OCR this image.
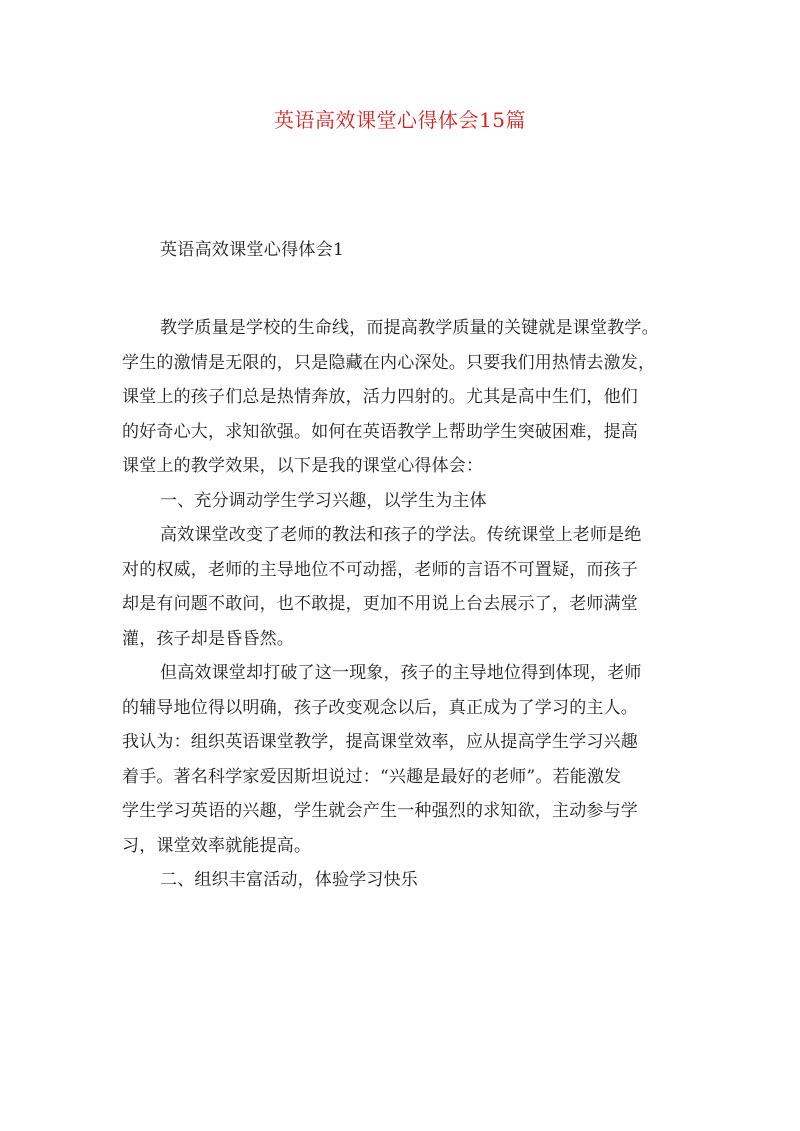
英语高效课堂心得体会15篇
英语高效课堂心得体会1
教学质量是学校的生命线，而提高教学质量的关键就是课堂教学。
学生的激情是无限的，只是隐藏在内心深处。只要我们用热情去激发，
课堂上的孩子们总是热情奔放，活力四射的。尤其是高中生们，他们
的好奇心大，求知欲强。如何在英语教学上帮助学生突破困难，提高
课堂上的教学效果，以下是我的课堂心得体会：
一、充分调动学生学习兴趣，以学生为主体
高效课堂改变了老师的教法和孩子的学法。传统课堂上老师是绝
对的权威，老师的主导地位不可动摇，老师的言语不可置疑，而孩子
却是有问题不敢问，也不敢提，更加不用说上台去展示了，老师满堂
灌，孩子却是昏昏然。
但高效课堂却打破了这一现象，孩子的主导地位得到体现，老师
的辅导地位得以明确，孩子改变观念以后，真正成为了学习的主人。
我认为：组织英语课堂教学，提高课堂效率，应从提高学生学习兴趣
着手。著名科学家爱因斯坦说过：“兴趣是最好的老师”。若能激发
学生学习英语的兴趣，学生就会产生一种强烈的求知欲，主动参与学
习，课堂效率就能提高。
二、组织丰富活动，体验学习快乐
